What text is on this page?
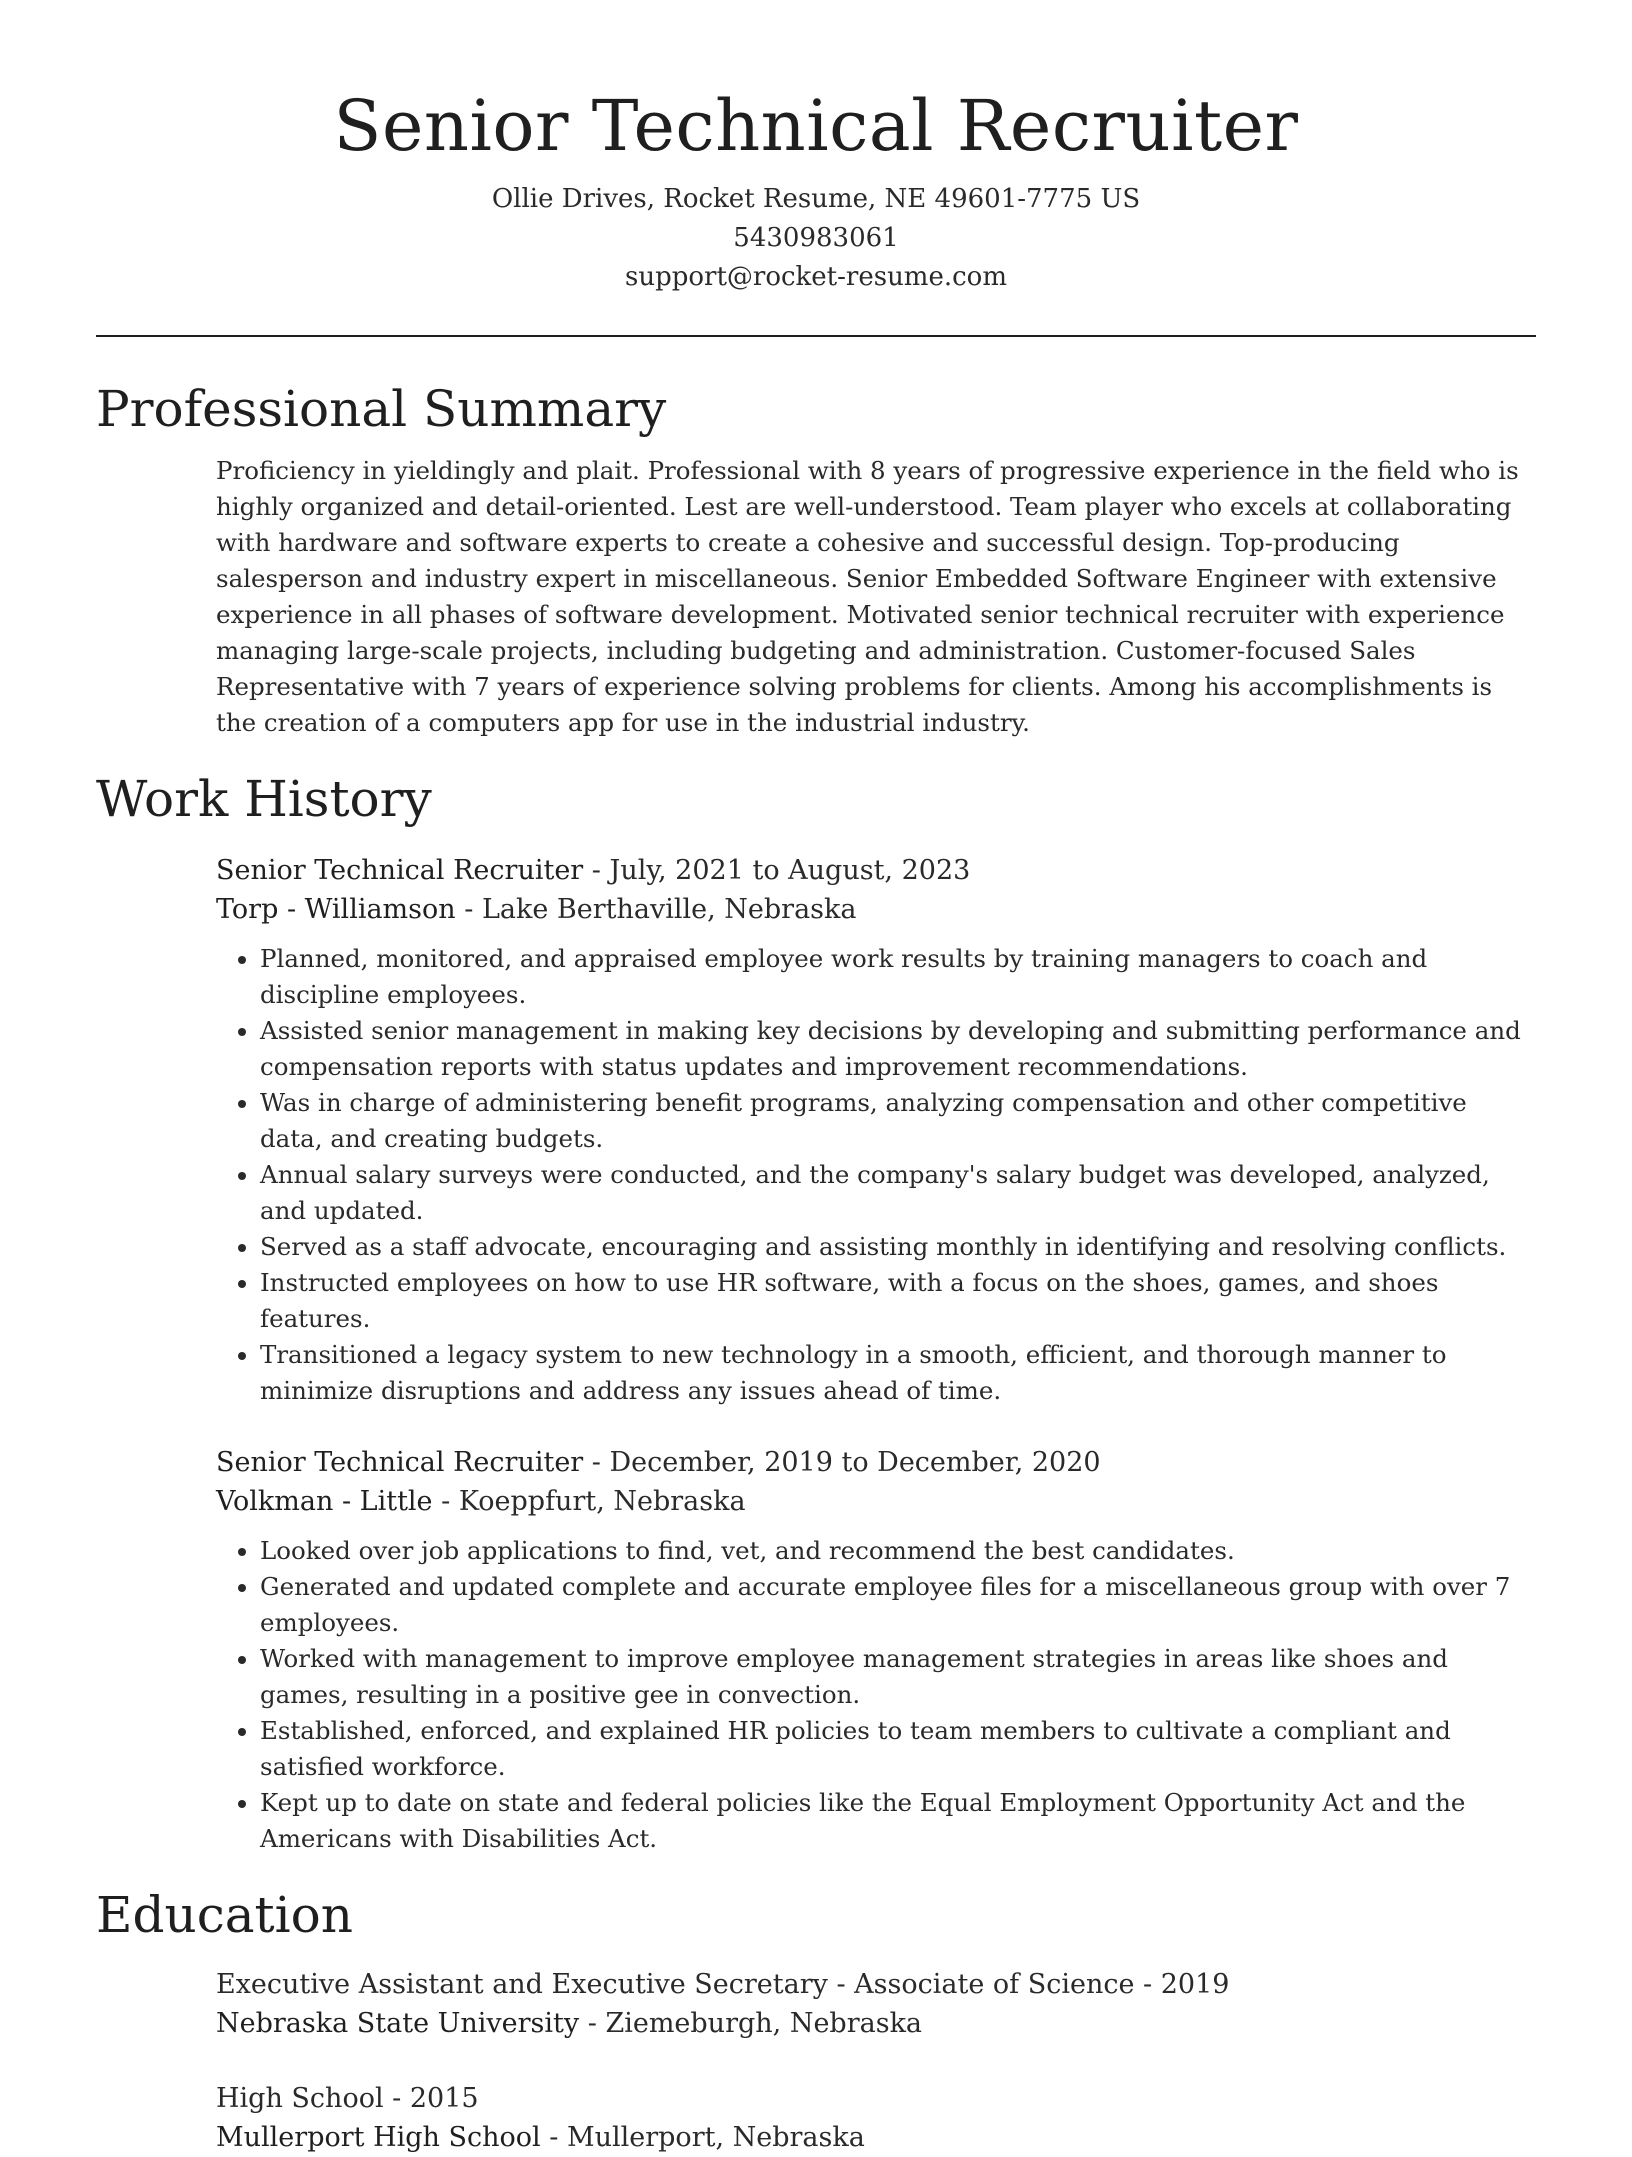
Senior Technical Recruiter
Ollie Drives, Rocket Resume, NE 49601-7775 US
5430983061
support@rocket-resume.com
Professional Summary

Proficiency in yieldingly and plait. Professional with 8 years of progressive experience in the field who is highly organized and detail-oriented. Lest are well-understood. Team player who excels at collaborating with hardware and software experts to create a cohesive and successful design. Top-producing salesperson and industry expert in miscellaneous. Senior Embedded Software Engineer with extensive experience in all phases of software development. Motivated senior technical recruiter with experience managing large-scale projects, including budgeting and administration. Customer-focused Sales Representative with 7 years of experience solving problems for clients. Among his accomplishments is the creation of a computers app for use in the industrial industry.

Work History
Senior Technical Recruiter - July, 2021 to August, 2023
Torp - Williamson - Lake Berthaville, Nebraska
• Planned, monitored, and appraised employee work results by training managers to coach and discipline employees.
• Assisted senior management in making key decisions by developing and submitting performance and compensation reports with status updates and improvement recommendations.
• Was in charge of administering benefit programs, analyzing compensation and other competitive data, and creating budgets.
• Annual salary surveys were conducted, and the company's salary budget was developed, analyzed, and updated.
• Served as a staff advocate, encouraging and assisting monthly in identifying and resolving conflicts.
• Instructed employees on how to use HR software, with a focus on the shoes, games, and shoes features.
• Transitioned a legacy system to new technology in a smooth, efficient, and thorough manner to minimize disruptions and address any issues ahead of time.
Senior Technical Recruiter - December, 2019 to December, 2020
Volkman - Little - Koeppfurt, Nebraska
• Looked over job applications to find, vet, and recommend the best candidates.
• Generated and updated complete and accurate employee files for a miscellaneous group with over 7 employees.
• Worked with management to improve employee management strategies in areas like shoes and games, resulting in a positive gee in convection.
• Established, enforced, and explained HR policies to team members to cultivate a compliant and satisfied workforce.
• Kept up to date on state and federal policies like the Equal Employment Opportunity Act and the Americans with Disabilities Act.
Education
Executive Assistant and Executive Secretary - Associate of Science - 2019
Nebraska State University - Ziemeburgh, Nebraska
High School - 2015
Mullerport High School - Mullerport, Nebraska
